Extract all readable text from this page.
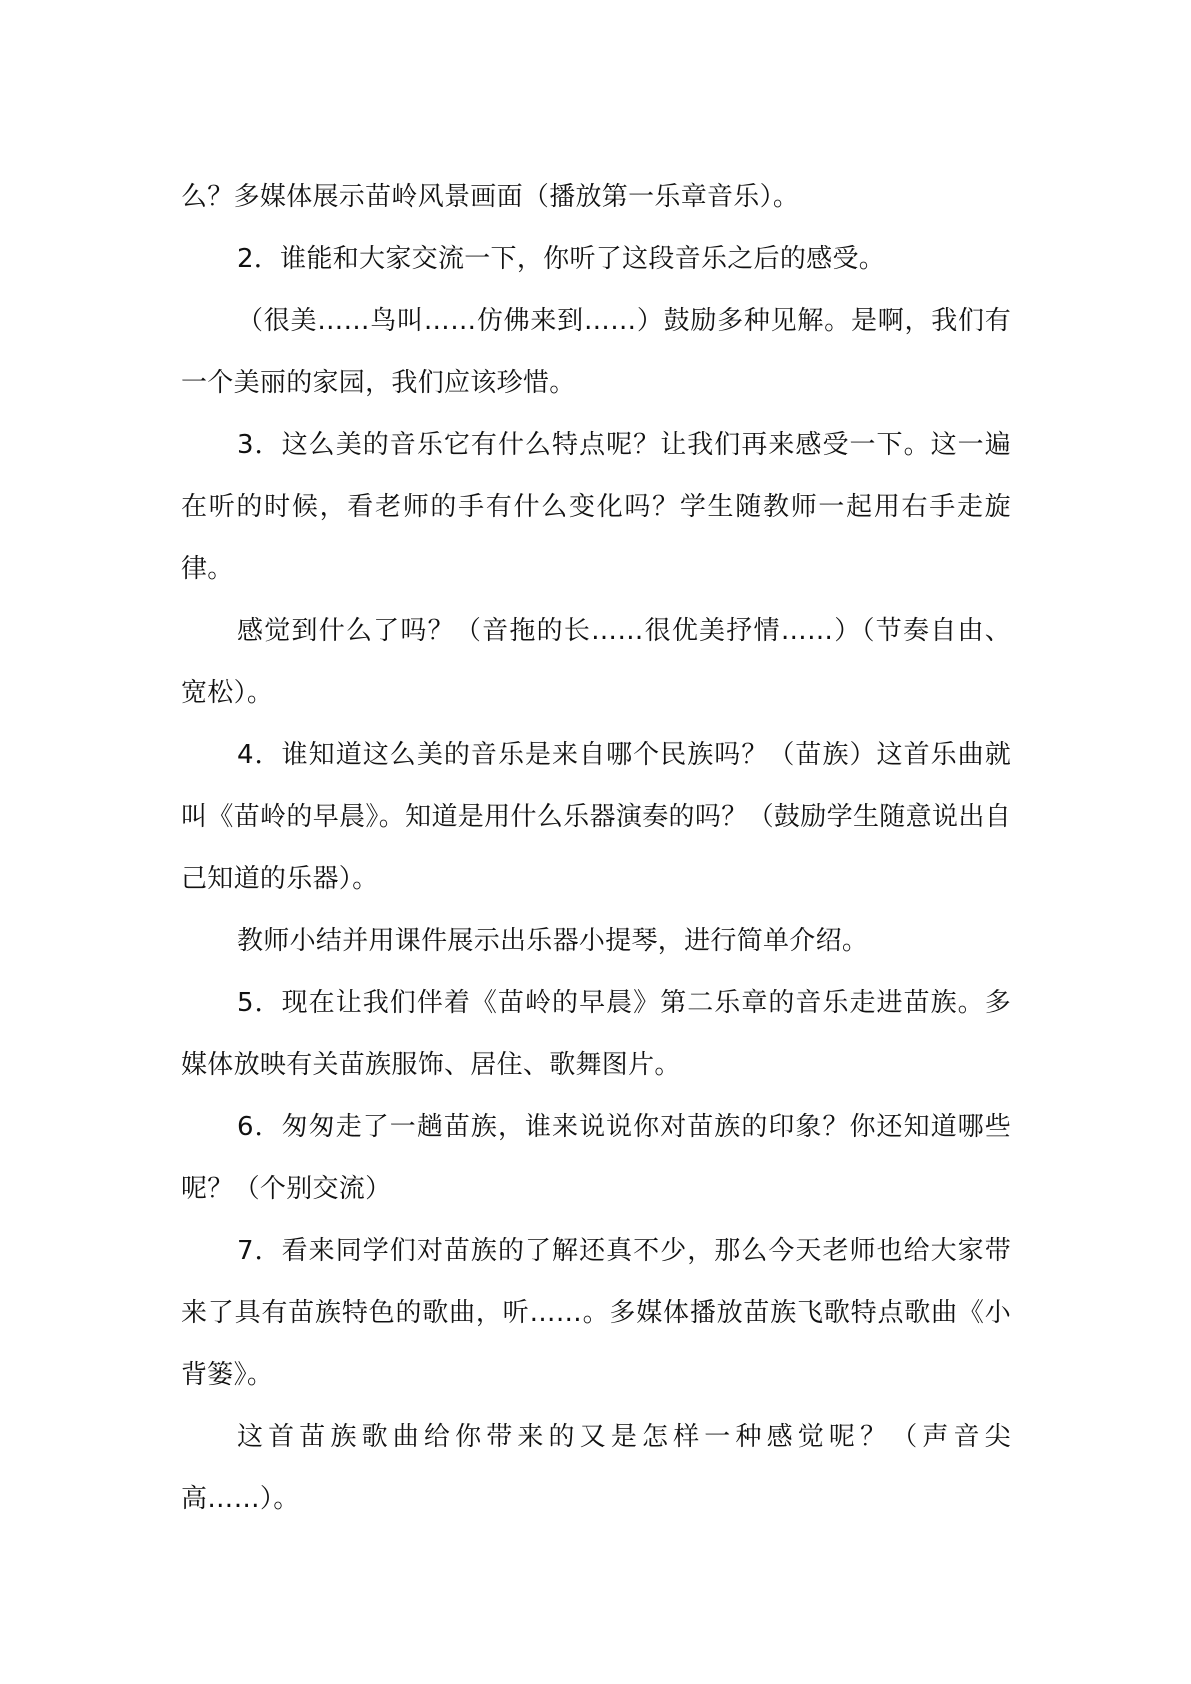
么？多媒体展示苗岭风景画面（播放第一乐章音乐）。

2．谁能和大家交流一下，你听了这段音乐之后的感受。

（很美……鸟叫……仿佛来到……）鼓励多种见解。是啊，我们有一个美丽的家园，我们应该珍惜。

3．这么美的音乐它有什么特点呢？让我们再来感受一下。这一遍在听的时候，看老师的手有什么变化吗？学生随教师一起用右手走旋律。

感觉到什么了吗？（音拖的长……很优美抒情……）（节奏自由、宽松）。

4．谁知道这么美的音乐是来自哪个民族吗？（苗族）这首乐曲就叫《苗岭的早晨》。知道是用什么乐器演奏的吗？（鼓励学生随意说出自己知道的乐器）。

教师小结并用课件展示出乐器小提琴，进行简单介绍。

5．现在让我们伴着《苗岭的早晨》第二乐章的音乐走进苗族。多媒体放映有关苗族服饰、居住、歌舞图片。

6．匆匆走了一趟苗族，谁来说说你对苗族的印象？你还知道哪些呢？（个别交流）

7．看来同学们对苗族的了解还真不少，那么今天老师也给大家带来了具有苗族特色的歌曲，听……。多媒体播放苗族飞歌特点歌曲《小背篓》。

这首苗族歌曲给你带来的又是怎样一种感觉呢？（声音尖高……）。
